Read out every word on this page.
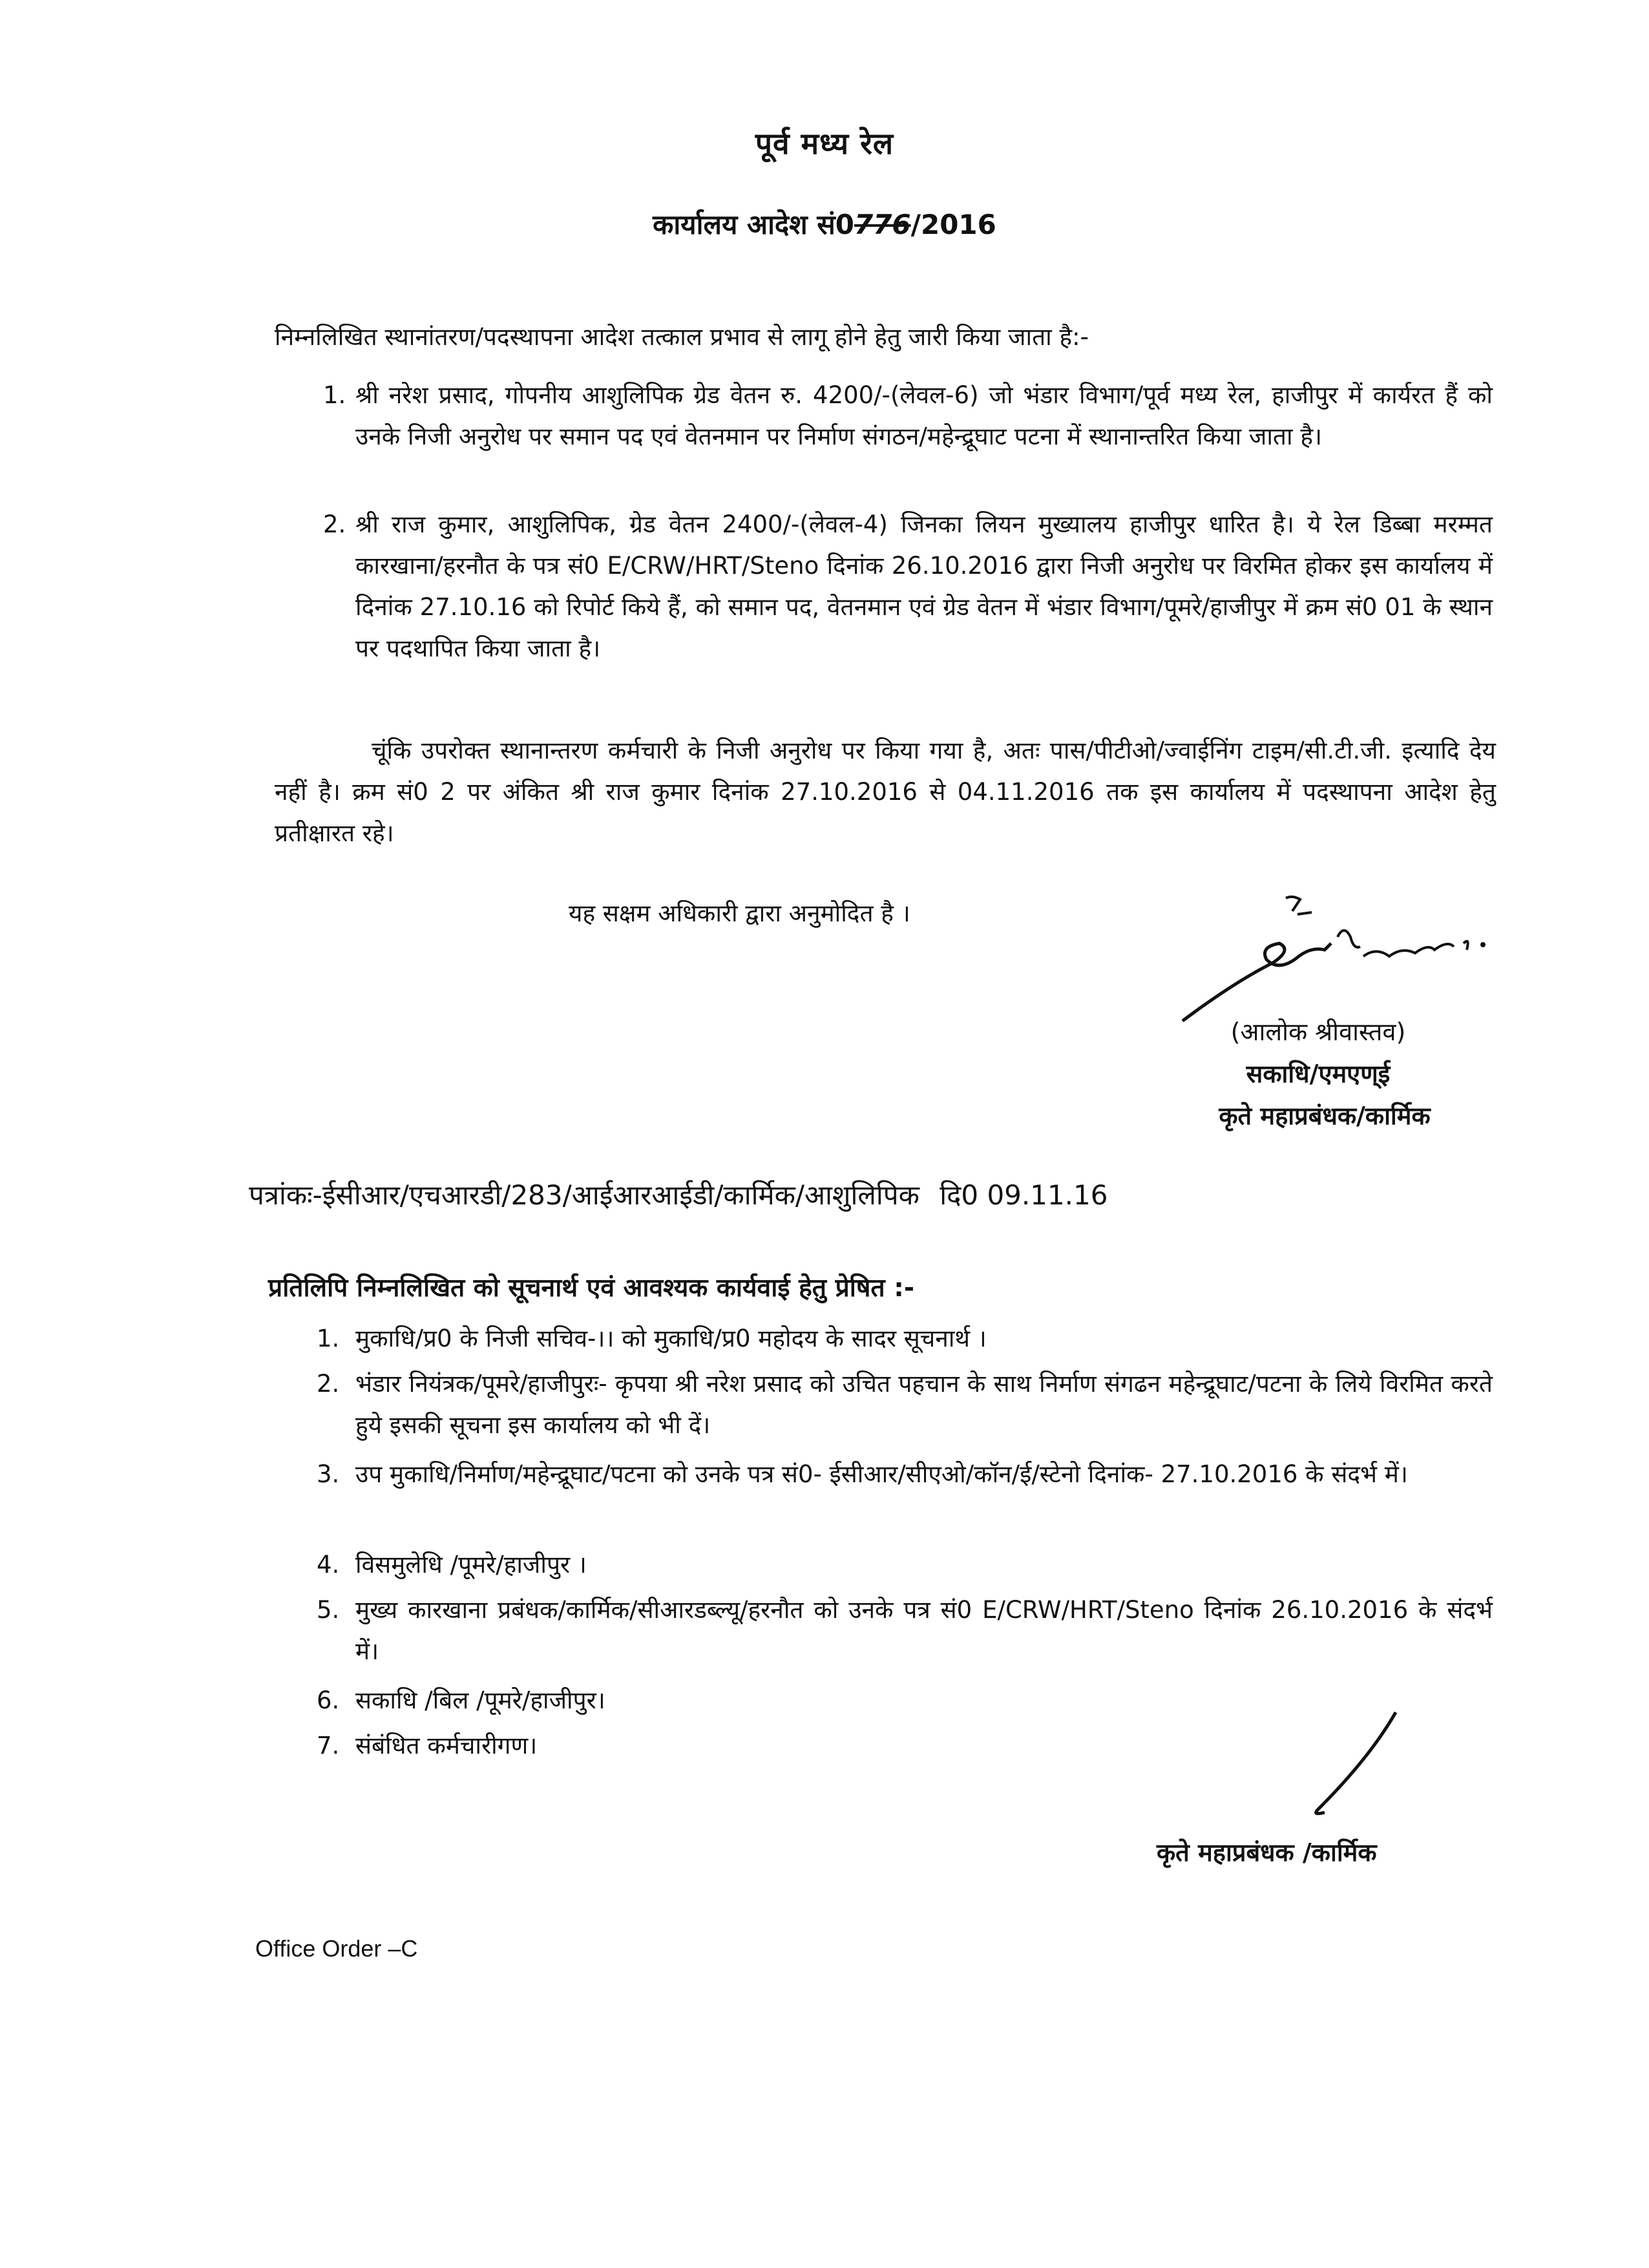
पूर्व मध्य रेल
कार्यालय आदेश सं0776/2016
निम्नलिखित स्थानांतरण/पदस्थापना आदेश तत्काल प्रभाव से लागू होने हेतु जारी किया जाता है:-
1. श्री नरेश प्रसाद, गोपनीय आशुलिपिक ग्रेड वेतन रु. 4200/-(लेवल-6) जो भंडार विभाग/पूर्व मध्य रेल, हाजीपुर में कार्यरत हैं को उनके निजी अनुरोध पर समान पद एवं वेतनमान पर निर्माण संगठन/महेन्द्रूघाट पटना में स्थानान्तरित किया जाता है।
2. श्री राज कुमार, आशुलिपिक, ग्रेड वेतन 2400/-(लेवल-4) जिनका लियन मुख्यालय हाजीपुर धारित है। ये रेल डिब्बा मरम्मत कारखाना/हरनौत के पत्र सं0 E/CRW/HRT/Steno दिनांक 26.10.2016 द्वारा निजी अनुरोध पर विरमित होकर इस कार्यालय में दिनांक 27.10.16 को रिपोर्ट किये हैं, को समान पद, वेतनमान एवं ग्रेड वेतन में भंडार विभाग/पूमरे/हाजीपुर में क्रम सं0 01 के स्थान पर पदथापित किया जाता है।
चूंकि उपरोक्त स्थानान्तरण कर्मचारी के निजी अनुरोध पर किया गया है, अतः पास/पीटीओ/ज्वाईनिंग टाइम/सी.टी.जी. इत्यादि देय नहीं है। क्रम सं0 2 पर अंकित श्री राज कुमार दिनांक 27.10.2016 से 04.11.2016 तक इस कार्यालय में पदस्थापना आदेश हेतु प्रतीक्षारत रहे।
यह सक्षम अधिकारी द्वारा अनुमोदित है ।
(आलोक श्रीवास्तव)
सकाधि/एमएण्ई
कृते महाप्रबंधक/कार्मिक
पत्रांकः-ईसीआर/एचआरडी/283/आईआरआईडी/कार्मिक/आशुलिपिक दि0 09.11.16
प्रतिलिपि निम्नलिखित को सूचनार्थ एवं आवश्यक कार्यवाई हेतु प्रेषित :-
1. मुकाधि/प्र0 के निजी सचिव-।। को मुकाधि/प्र0 महोदय के सादर सूचनार्थ ।
2. भंडार नियंत्रक/पूमरे/हाजीपुरः- कृपया श्री नरेश प्रसाद को उचित पहचान के साथ निर्माण संगढन महेन्द्रूघाट/पटना के लिये विरमित करते हुये इसकी सूचना इस कार्यालय को भी दें।
3. उप मुकाधि/निर्माण/महेन्द्रूघाट/पटना को उनके पत्र सं0- ईसीआर/सीएओ/कॉन/ई/स्टेनो दिनांक- 27.10.2016 के संदर्भ में।
4. विसमुलेधि /पूमरे/हाजीपुर ।
5. मुख्य कारखाना प्रबंधक/कार्मिक/सीआरडब्ल्यू/हरनौत को उनके पत्र सं0 E/CRW/HRT/Steno दिनांक 26.10.2016 के संदर्भ में।
6. सकाधि /बिल /पूमरे/हाजीपुर।
7. संबंधित कर्मचारीगण।
कृते महाप्रबंधक /कार्मिक
Office Order –C
